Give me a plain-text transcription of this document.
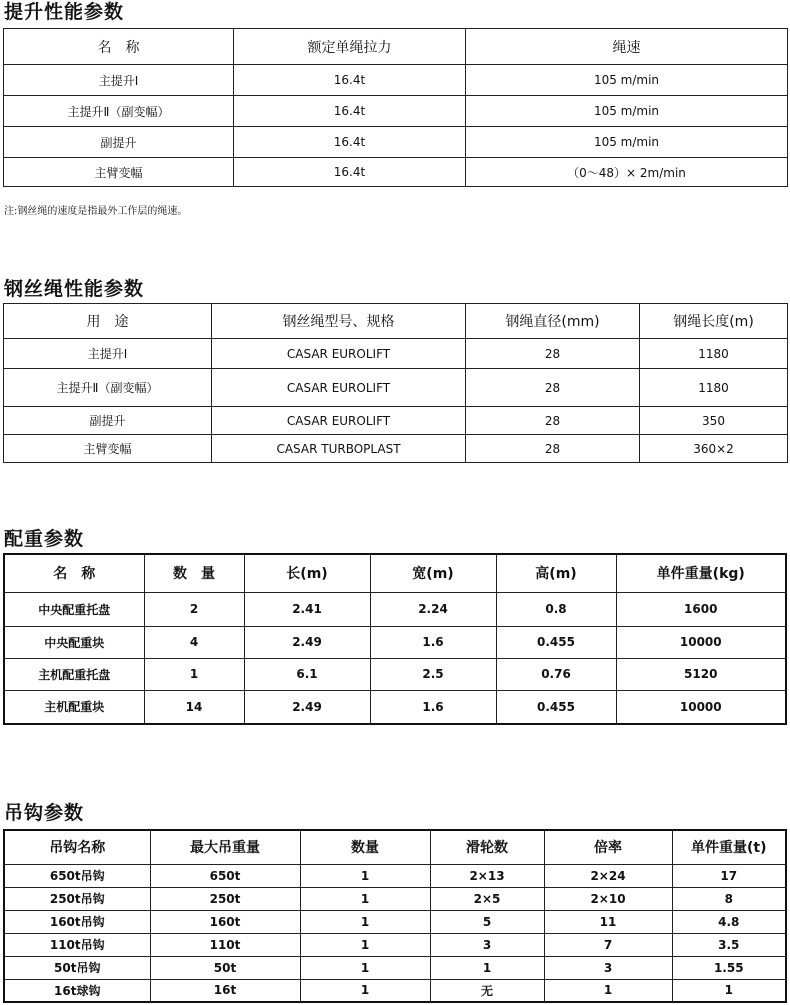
提升性能参数
名　称	额定单绳拉力	绳速
主提升Ⅰ	16.4t	105 m/min
主提升Ⅱ（副变幅）	16.4t	105 m/min
副提升	16.4t	105 m/min
主臂变幅	16.4t	（0～48）× 2m/min
注:钢丝绳的速度是指最外工作层的绳速。
钢丝绳性能参数
用　途	钢丝绳型号、规格	钢绳直径(mm)	钢绳长度(m)
主提升Ⅰ	CASAR EUROLIFT	28	1180
主提升Ⅱ（副变幅）	CASAR EUROLIFT	28	1180
副提升	CASAR EUROLIFT	28	350
主臂变幅	CASAR TURBOPLAST	28	360×2
配重参数
名　称	数　量	长(m)	宽(m)	高(m)	单件重量(kg)
中央配重托盘	2	2.41	2.24	0.8	1600
中央配重块	4	2.49	1.6	0.455	10000
主机配重托盘	1	6.1	2.5	0.76	5120
主机配重块	14	2.49	1.6	0.455	10000
吊钩参数
吊钩名称	最大吊重量	数量	滑轮数	倍率	单件重量(t)
650t吊钩	650t	1	2×13	2×24	17
250t吊钩	250t	1	2×5	2×10	8
160t吊钩	160t	1	5	11	4.8
110t吊钩	110t	1	3	7	3.5
50t吊钩	50t	1	1	3	1.55
16t球钩	16t	1	无	1	1
